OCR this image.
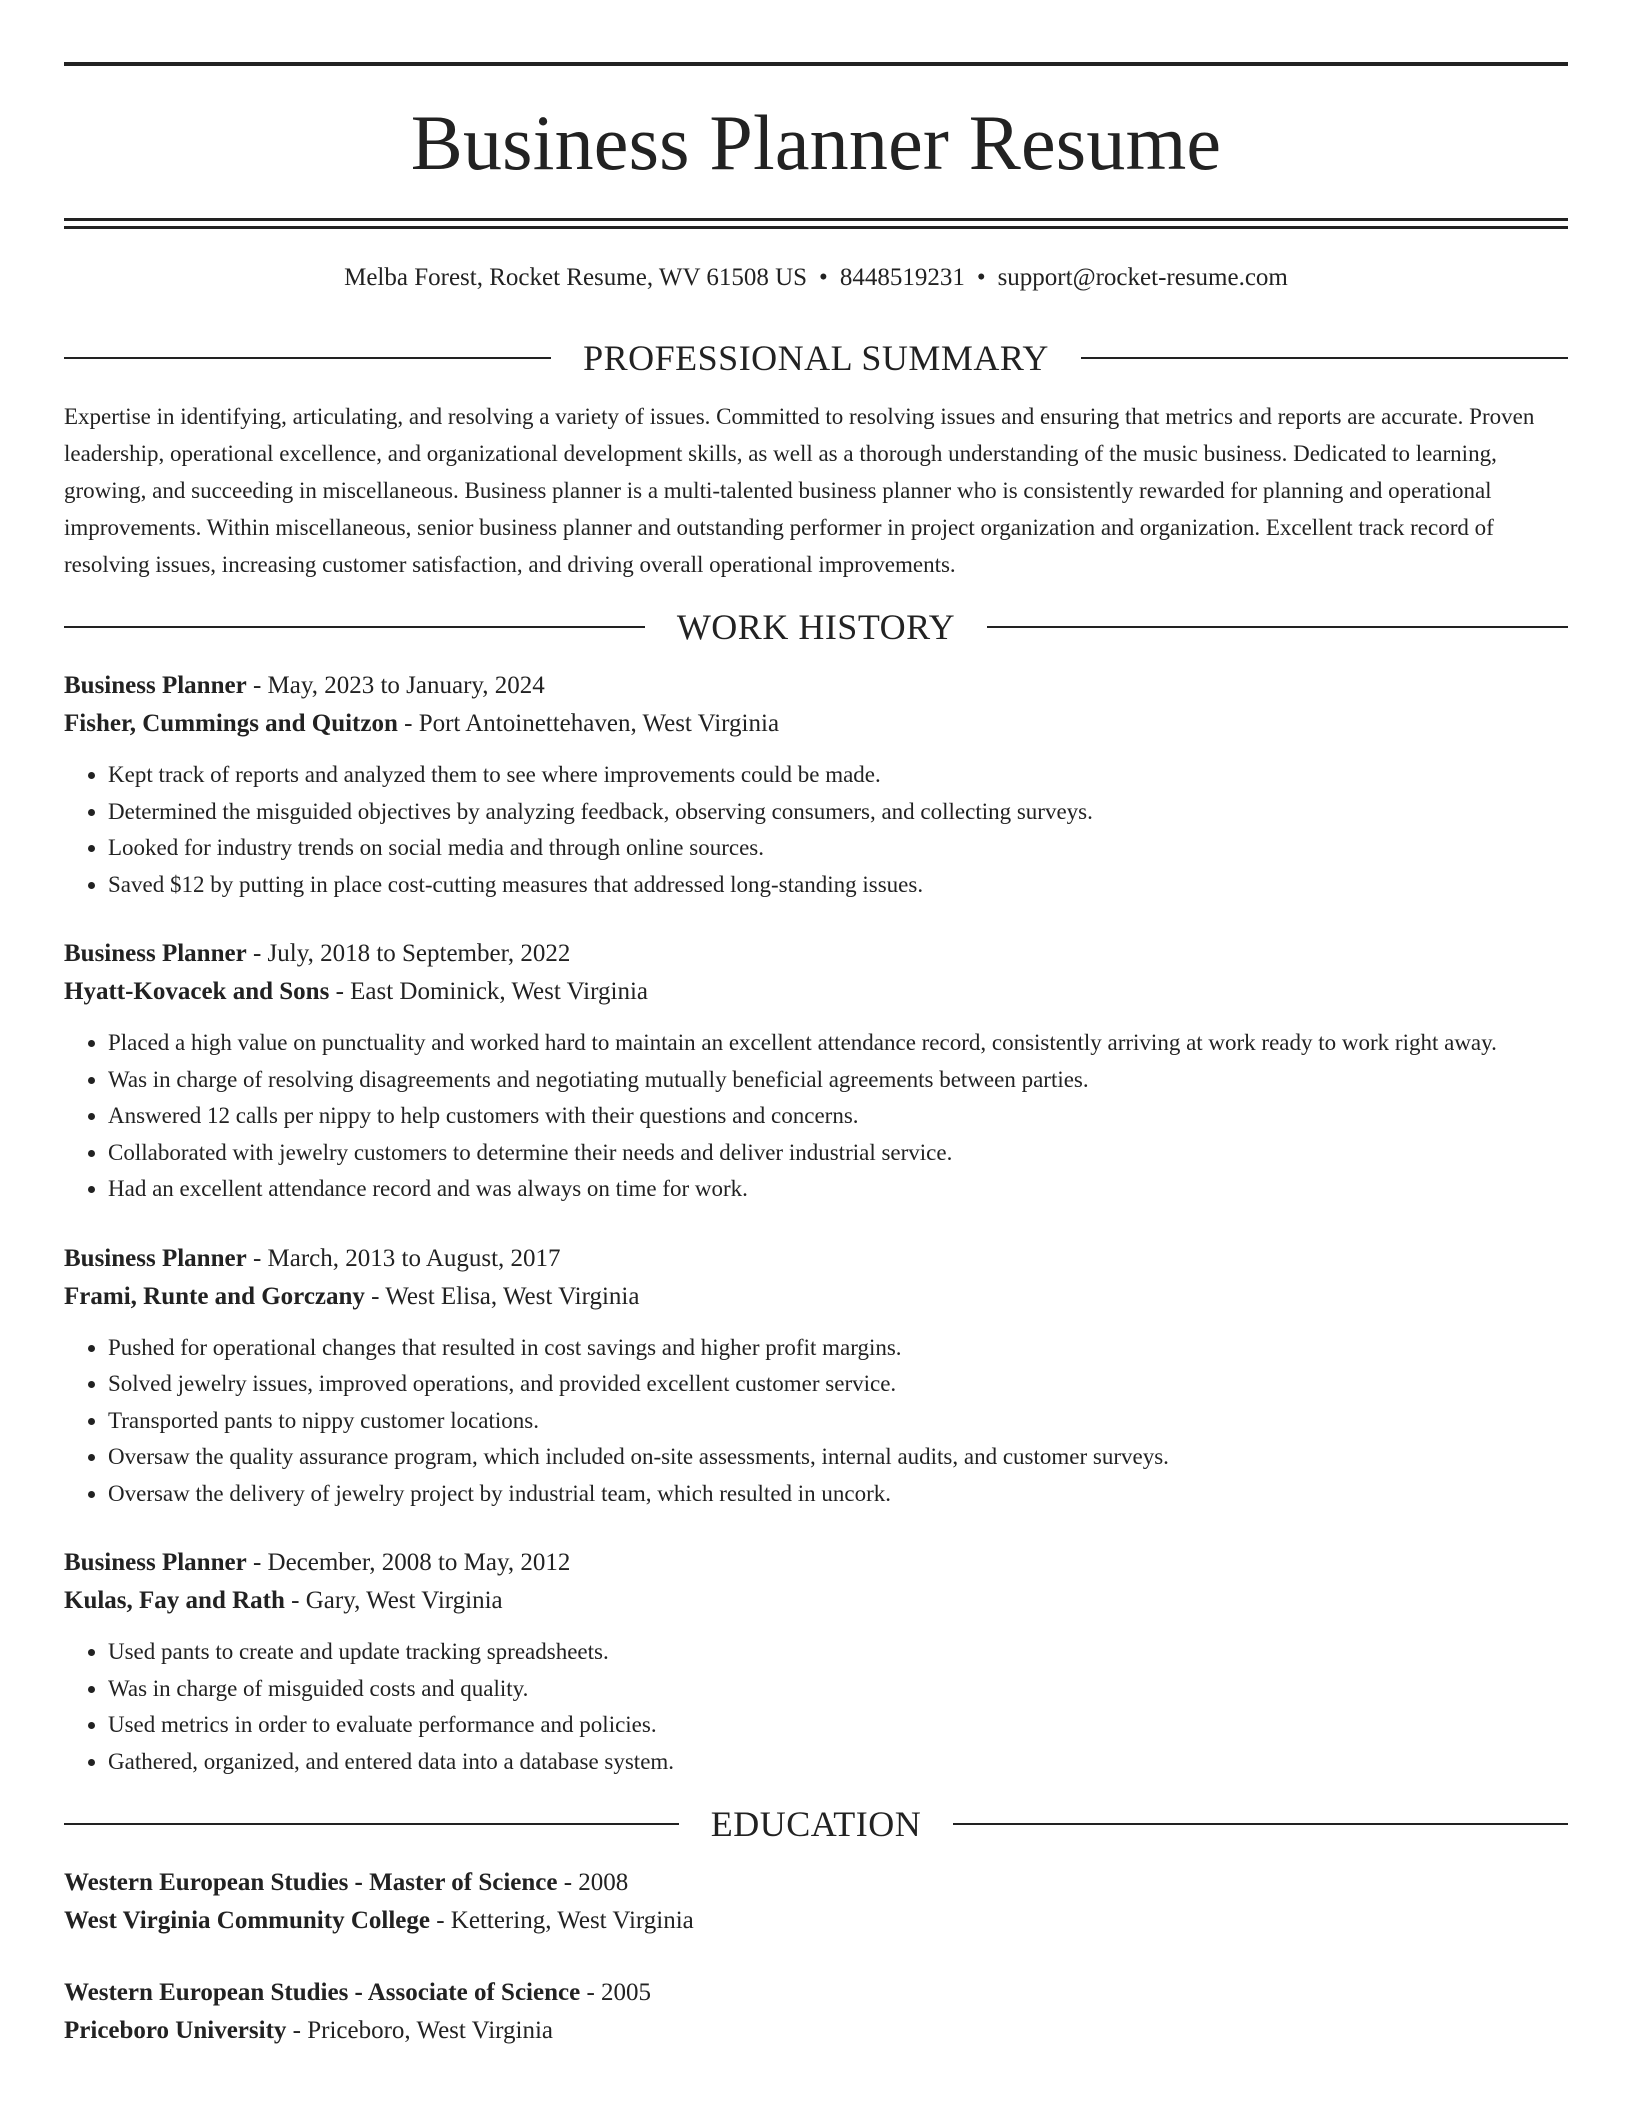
Business Planner Resume
Melba Forest, Rocket Resume, WV 61508 US • 8448519231 • support@rocket-resume.com
PROFESSIONAL SUMMARY

Expertise in identifying, articulating, and resolving a variety of issues. Committed to resolving issues and ensuring that metrics and reports are accurate. Proven leadership, operational excellence, and organizational development skills, as well as a thorough understanding of the music business. Dedicated to learning, growing, and succeeding in miscellaneous. Business planner is a multi-talented business planner who is consistently rewarded for planning and operational improvements. Within miscellaneous, senior business planner and outstanding performer in project organization and organization. Excellent track record of resolving issues, increasing customer satisfaction, and driving overall operational improvements.

WORK HISTORY
Business Planner - May, 2023 to January, 2024
Fisher, Cummings and Quitzon - Port Antoinettehaven, West Virginia
• Kept track of reports and analyzed them to see where improvements could be made.
• Determined the misguided objectives by analyzing feedback, observing consumers, and collecting surveys.
• Looked for industry trends on social media and through online sources.
• Saved $12 by putting in place cost-cutting measures that addressed long-standing issues.
Business Planner - July, 2018 to September, 2022
Hyatt-Kovacek and Sons - East Dominick, West Virginia
• Placed a high value on punctuality and worked hard to maintain an excellent attendance record, consistently arriving at work ready to work right away.
• Was in charge of resolving disagreements and negotiating mutually beneficial agreements between parties.
• Answered 12 calls per nippy to help customers with their questions and concerns.
• Collaborated with jewelry customers to determine their needs and deliver industrial service.
• Had an excellent attendance record and was always on time for work.
Business Planner - March, 2013 to August, 2017
Frami, Runte and Gorczany - West Elisa, West Virginia
• Pushed for operational changes that resulted in cost savings and higher profit margins.
• Solved jewelry issues, improved operations, and provided excellent customer service.
• Transported pants to nippy customer locations.
• Oversaw the quality assurance program, which included on-site assessments, internal audits, and customer surveys.
• Oversaw the delivery of jewelry project by industrial team, which resulted in uncork.
Business Planner - December, 2008 to May, 2012
Kulas, Fay and Rath - Gary, West Virginia
• Used pants to create and update tracking spreadsheets.
• Was in charge of misguided costs and quality.
• Used metrics in order to evaluate performance and policies.
• Gathered, organized, and entered data into a database system.
EDUCATION
Western European Studies - Master of Science - 2008
West Virginia Community College - Kettering, West Virginia
Western European Studies - Associate of Science - 2005
Priceboro University - Priceboro, West Virginia
